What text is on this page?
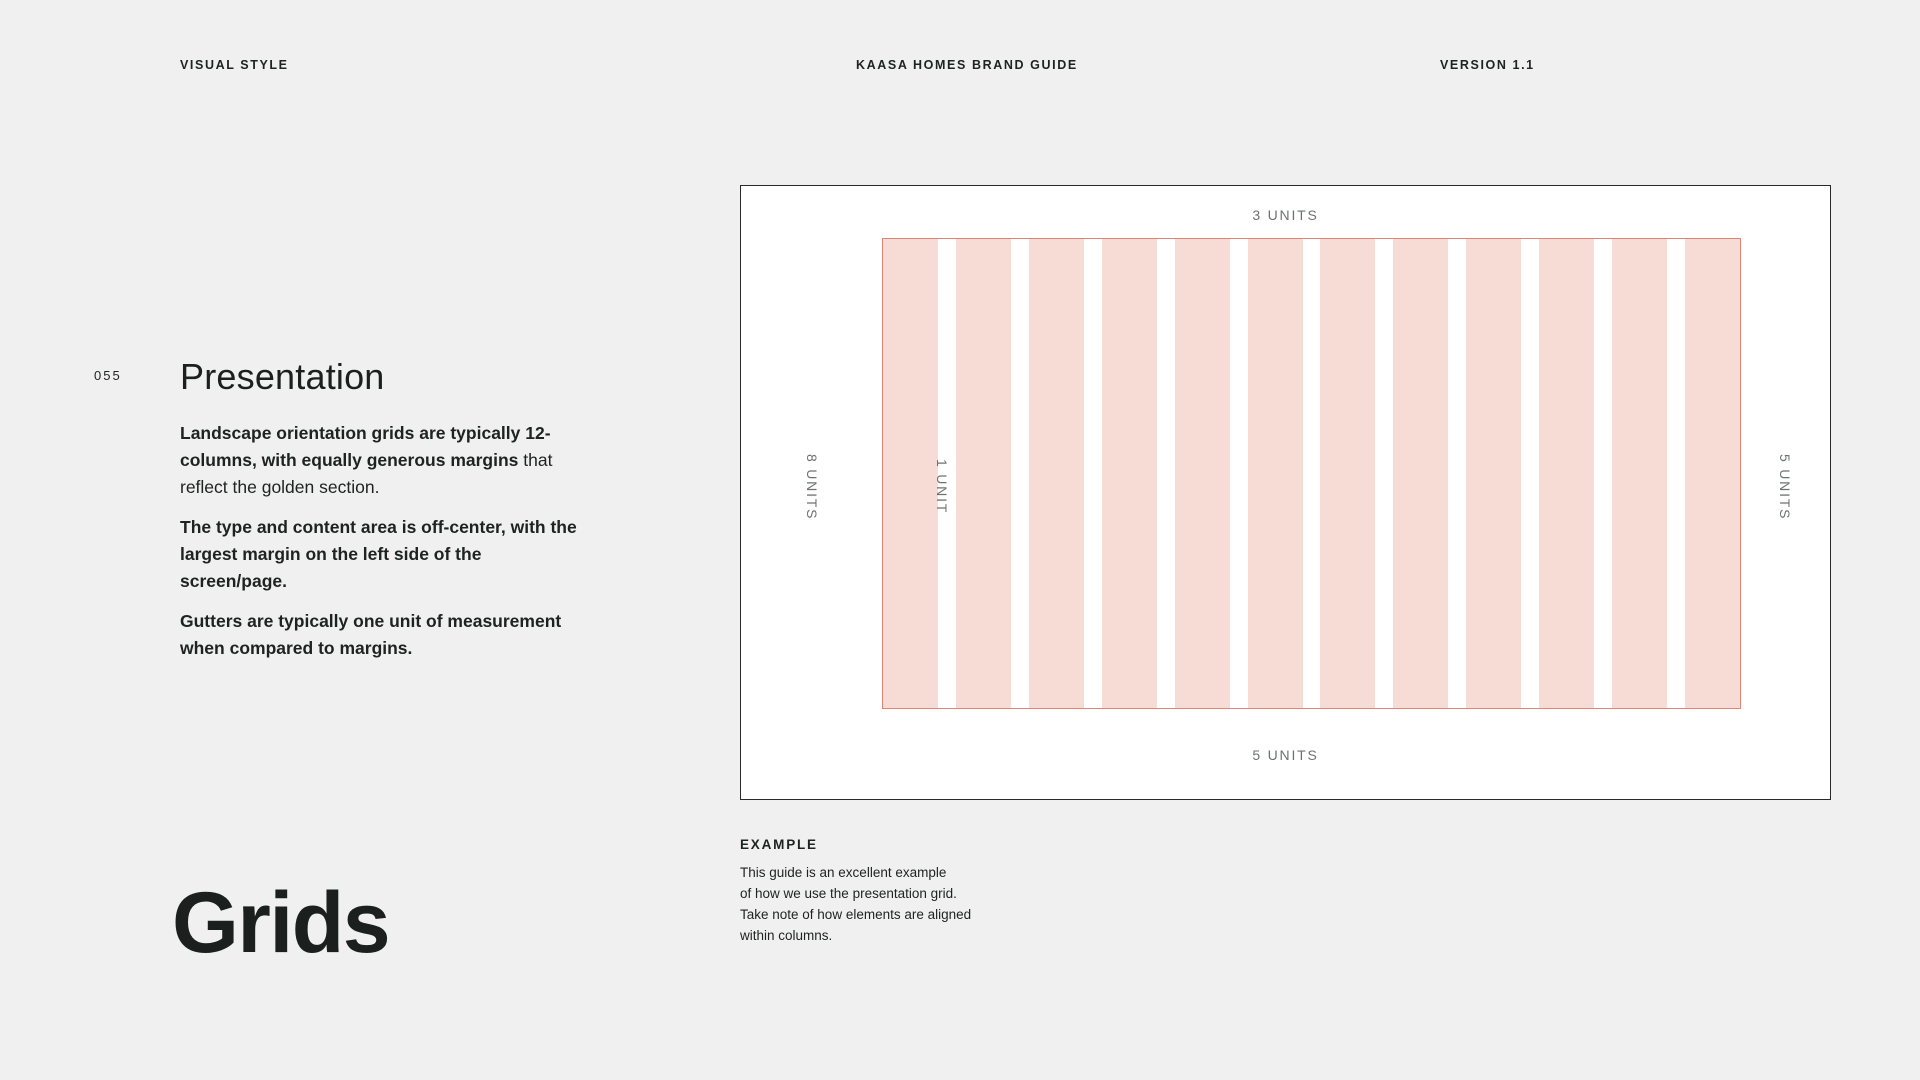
VISUAL STYLE	KAASA HOMES BRAND GUIDE	VERSION 1.1
055 Presentation

Landscape orientation grids are typically 12-columns, with equally generous margins that reflect the golden section.

The type and content area is off-center, with the largest margin on the left side of the screen/page.

Gutters are typically one unit of measurement when compared to margins.

Grids
3 UNITS
8 UNITS	1 UNIT	5 UNITS
5 UNITS
EXAMPLE
This guide is an excellent example
of how we use the presentation grid.
Take note of how elements are aligned
within columns.
